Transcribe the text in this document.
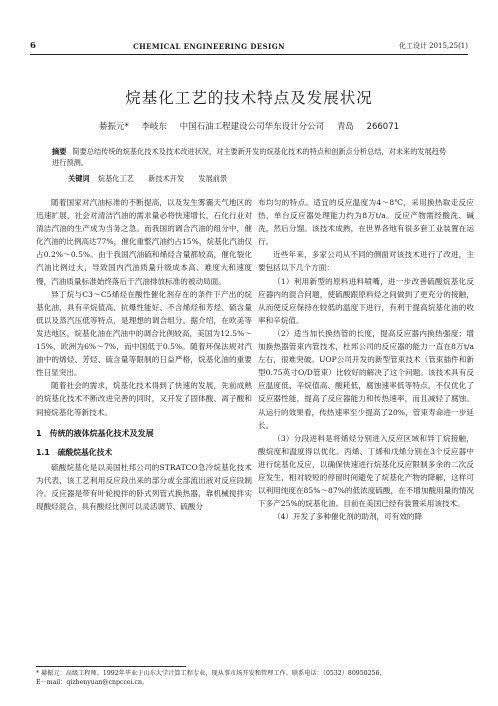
6	CHEMICAL ENGINEERING DESIGN	化工设计 2015,25(1)
烷基化工艺的技术特点及发展状况
綦振元* 李岐东 中国石油工程建设公司华东设计分公司 青岛 266071
摘要 简要总结传统的烷基化技术及技术改进状况，对主要新开发的烷基化技术的特点和创新点分析总结，对未来的发展趋势进行预测。
关键词 烷基化工艺 新技术开发 发展前景

随着国家对汽油标准的不断提高，以及发生雾霾天气地区的迅速扩展，社会对清洁汽油的需求量必将快速增长，石化行业对清洁汽油的生产成为当务之急。而我国的调合汽油的组分中，催化汽油的比例高达77%，催化重整汽油约占15%，烷基化汽油仅占0.2%～0.5%。由于我国汽油硫和烯烃含量都较高，催化裂化汽油比例过大，导致国内汽油质量升级成本高、难度大和速度慢，汽油质量标准始终落后于汽油排放标准的被动局面。

异丁烷与C3～C5烯烃在酸性催化剂存在的条件下产出的烷基化油，具有辛烷值高、抗爆性能好、不含烯烃和芳烃、硫含量低以及蒸汽压低等特点，是理想的调合组分。据介绍，在欧美等发达地区，烷基化油在汽油中的调合比例较高，美国为12.5%～15%，欧洲为6%～7%，而中国低于0.5%。随着环保法规对汽油中的烯烃、芳烃、硫含量等限制的日益严格，烷基化油的重要性日显突出。

随着社会的需求，烷基化技术得到了快速的发展，先前成熟的烷基化技术不断改进完善的同时，又开发了固体酸、离子酸和间接烷基化等新技术。

1　传统的液体烷基化技术及发展
1.1　硫酸烷基化技术

硫酸烷基化是以美国杜邦公司的STRATCO急冷烷基化技术为代表，该工艺利用反应段出来的部分或全部流出液对反应段制冷。反应器是带有叶轮搅拌的卧式列管式换热器，靠机械搅拌实现酸烃混合，具有酸烃比例可以灵活调节、硫酸分

布均匀的特点。适宜的反应温度为4～8℃，采用换热取走反应热，单台反应器处理能力约为8万t/a。反应产物需经酸洗、碱洗，然后分馏。该技术成熟，在世界各地有很多套工业装置在运行。

近些年来，多家公司从不同的侧面对该技术进行了改进，主要包括以下几个方面：

（1）利用新型的原料进料喷嘴，进一步改善硫酸烷基化反应器内的混合问题，使硫酸跟原料烃之间做到了更充分的接触，从而使反应保持在较低的温度下进行，有利于提高烷基化油的收率和辛烷值。

（2）适当加长换热管的长度，提高反应器内换热强度；增加换热器管束内管技术，杜邦公司的反应器的能力一直在8万t/a左右，很难突破。UOP公司开发的新型管束技术（管束插件和新型0.75英寸O/D管束）比较好的解决了这个问题。该技术具有反应温度低、辛烷值高、酸耗低，腐蚀速率低等特点，不仅优化了反应器性能，提高了反应器能力和传热速率，而且减轻了腐蚀。从运行的效果看，传热速率至少提高了20%，管束寿命进一步延长。

（3）分段进料是将烯烃分别进入反应区域和异丁烷接触，酸烷度和温度得以优化。丙烯、丁烯和戊烯分别在3个反应器中进行烷基化反应，以确保快速进行烷基化反应限制多余的二次反应发生，相对较短的停留时间避免了烷基化产物的降解，这样可以利用纯度在85%～87%的低浓度硫酸，在不增加酸用量的情况下多产25%的烷基化油。目前在美国已经有装置采用该技术。

（4）开发了多种催化剂的助剂，可有效的降

* 綦振元：高级工程师。1992年毕业于山东大学计算工程专业，现从事市场开发和管理工作。联系电话：（0532）80950256，
E－mail：qizhenyuan@cnpccei.cn。
